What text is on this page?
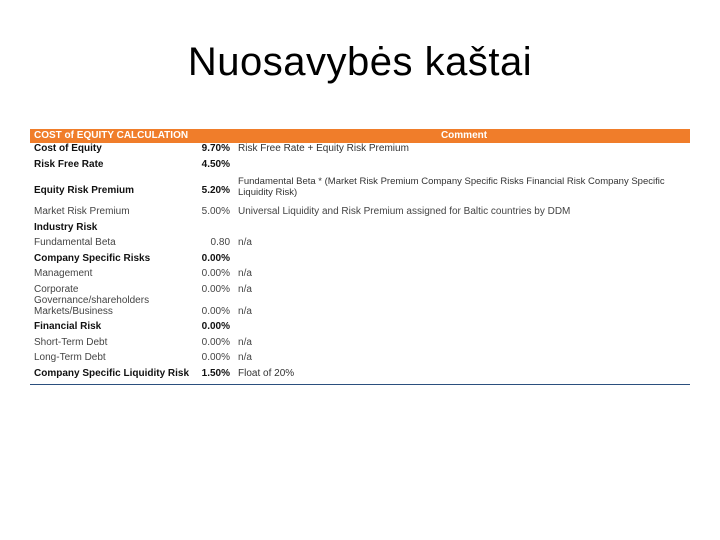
Nuosavybės kaštai
COST of EQUITY CALCULATION		Comment
Cost of Equity	9.70%	Risk Free Rate + Equity Risk Premium
Risk Free Rate	4.50%	
Equity Risk Premium	5.20%	Fundamental Beta * (Market Risk Premium Company Specific Risks Financial Risk Company Specific Liquidity Risk)
Market Risk Premium	5.00%	Universal Liquidity and Risk Premium assigned for Baltic countries by DDM
Industry Risk		
Fundamental Beta	0.80	n/a
Company Specific Risks	0.00%	
Management	0.00%	n/a
Corporate Governance/shareholders	0.00%	n/a
Markets/Business	0.00%	n/a
Financial Risk	0.00%	
Short-Term Debt	0.00%	n/a
Long-Term Debt	0.00%	n/a
Company Specific Liquidity Risk	1.50%	Float of 20%
